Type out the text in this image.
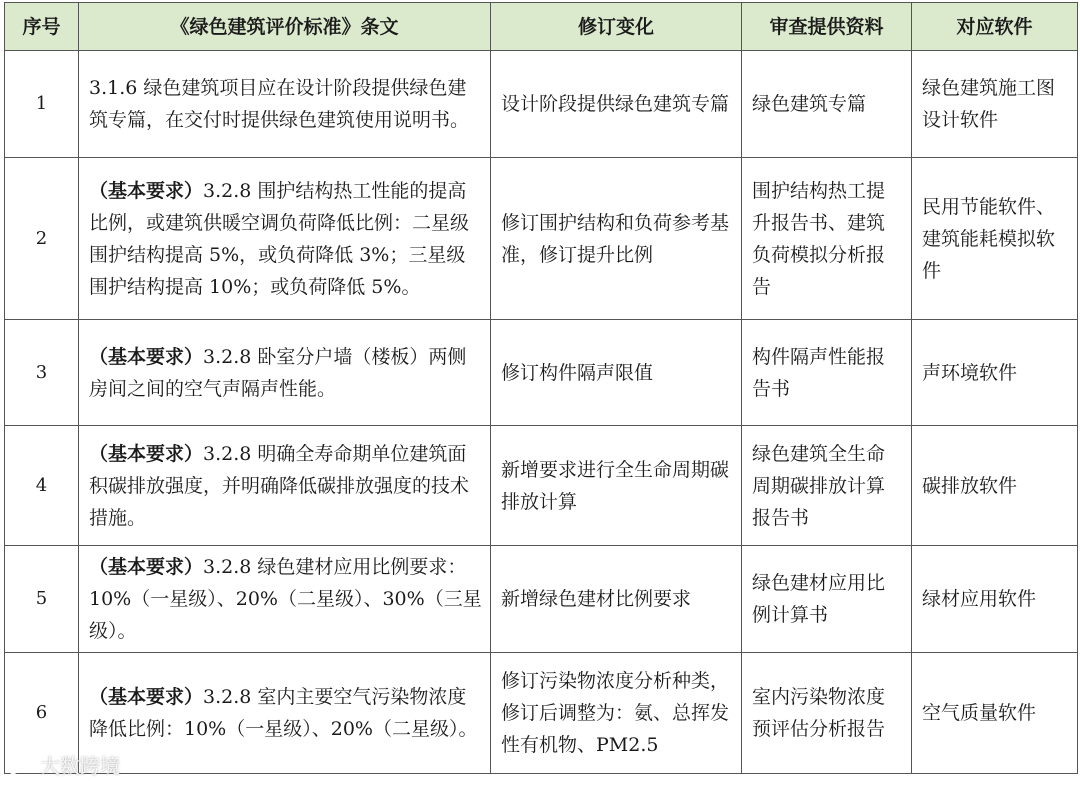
序号	《绿色建筑评价标准》条文	修订变化	审查提供资料	对应软件
1	3.1.6 绿色建筑项目应在设计阶段提供绿色建筑专篇，在交付时提供绿色建筑使用说明书。	设计阶段提供绿色建筑专篇	绿色建筑专篇	绿色建筑施工图设计软件
2	（基本要求）3.2.8 围护结构热工性能的提高比例，或建筑供暖空调负荷降低比例：二星级围护结构提高 5%，或负荷降低 3%；三星级围护结构提高 10%；或负荷降低 5%。	修订围护结构和负荷参考基准，修订提升比例	围护结构热工提升报告书、建筑负荷模拟分析报告	民用节能软件、建筑能耗模拟软件
3	（基本要求）3.2.8 卧室分户墙（楼板）两侧房间之间的空气声隔声性能。	修订构件隔声限值	构件隔声性能报告书	声环境软件
4	（基本要求）3.2.8 明确全寿命期单位建筑面积碳排放强度，并明确降低碳排放强度的技术措施。	新增要求进行全生命周期碳排放计算	绿色建筑全生命周期碳排放计算报告书	碳排放软件
5	（基本要求）3.2.8 绿色建材应用比例要求：10%（一星级）、20%（二星级）、30%（三星级）。	新增绿色建材比例要求	绿色建材应用比例计算书	绿材应用软件
6	（基本要求）3.2.8 室内主要空气污染物浓度降低比例：10%（一星级）、20%（二星级）。	修订污染物浓度分析种类，修订后调整为：氨、总挥发性有机物、PM2.5	室内污染物浓度预评估分析报告	空气质量软件
大数跨境
